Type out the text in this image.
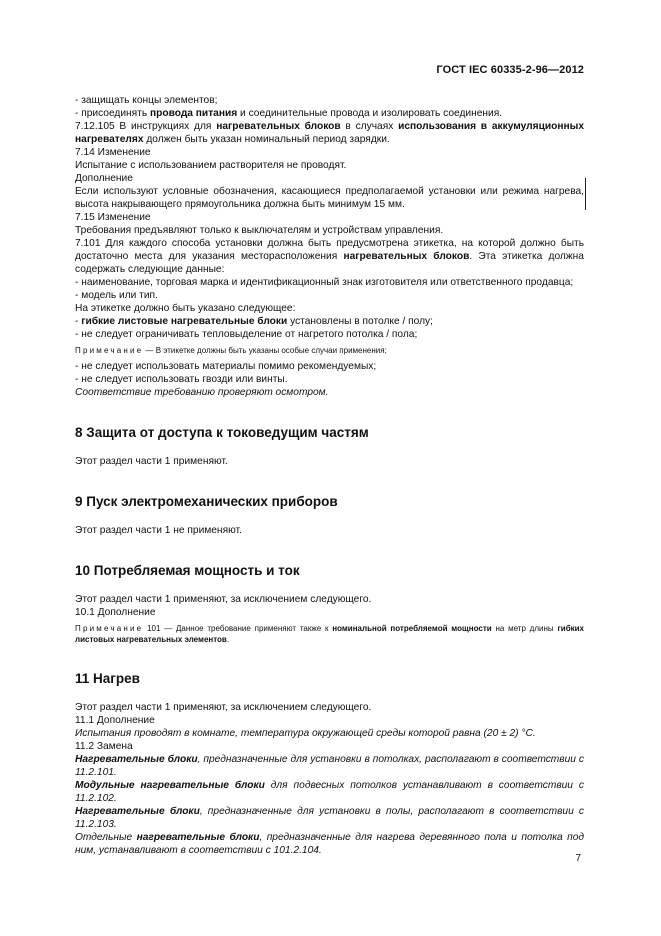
ГОСТ IEC 60335-2-96—2012

- защищать концы элементов;

- присоединять провода питания и соединительные провода и изолировать соединения.

7.12.105 В инструкциях для нагревательных блоков в случаях использования в аккумуляционных нагревателях должен быть указан номинальный период зарядки.

7.14 Изменение

Испытание с использованием растворителя не проводят.

Дополнение

Если используют условные обозначения, касающиеся предполагаемой установки или режима нагрева, высота накрывающего прямоугольника должна быть минимум 15 мм.

7.15 Изменение

Требования предъявляют только к выключателям и устройствам управления.

7.101 Для каждого способа установки должна быть предусмотрена этикетка, на которой должно быть достаточно места для указания месторасположения нагревательных блоков. Эта этикетка должна содержать следующие данные:

- наименование, торговая марка и идентификационный знак изготовителя или ответственного продавца;

- модель или тип.

На этикетке должно быть указано следующее:

- гибкие листовые нагревательные блоки установлены в потолке / полу;

- не следует ограничивать тепловыделение от нагретого потолка / пола;

Примечание — В этикетке должны быть указаны особые случаи применения;

- не следует использовать материалы помимо рекомендуемых;

- не следует использовать гвозди или винты.

Соответствие требованию проверяют осмотром.

8 Защита от доступа к токоведущим частям

Этот раздел части 1 применяют.

9 Пуск электромеханических приборов

Этот раздел части 1 не применяют.

10 Потребляемая мощность и ток

Этот раздел части 1 применяют, за исключением следующего.

10.1 Дополнение

Примечание 101 — Данное требование применяют также к номинальной потребляемой мощности на метр длины гибких листовых нагревательных элементов.

11 Нагрев

Этот раздел части 1 применяют, за исключением следующего.

11.1 Дополнение

Испытания проводят в комнате, температура окружающей среды которой равна (20 ± 2) °С.

11.2 Замена

Нагревательные блоки, предназначенные для установки в потолках, располагают в соответствии с 11.2.101.

Модульные нагревательные блоки для подвесных потолков устанавливают в соответствии с 11.2.102.

Нагревательные блоки, предназначенные для установки в полы, располагают в соответствии с 11.2.103.

Отдельные нагревательные блоки, предназначенные для нагрева деревянного пола и потолка под ним, устанавливают в соответствии с 101.2.104.

7
